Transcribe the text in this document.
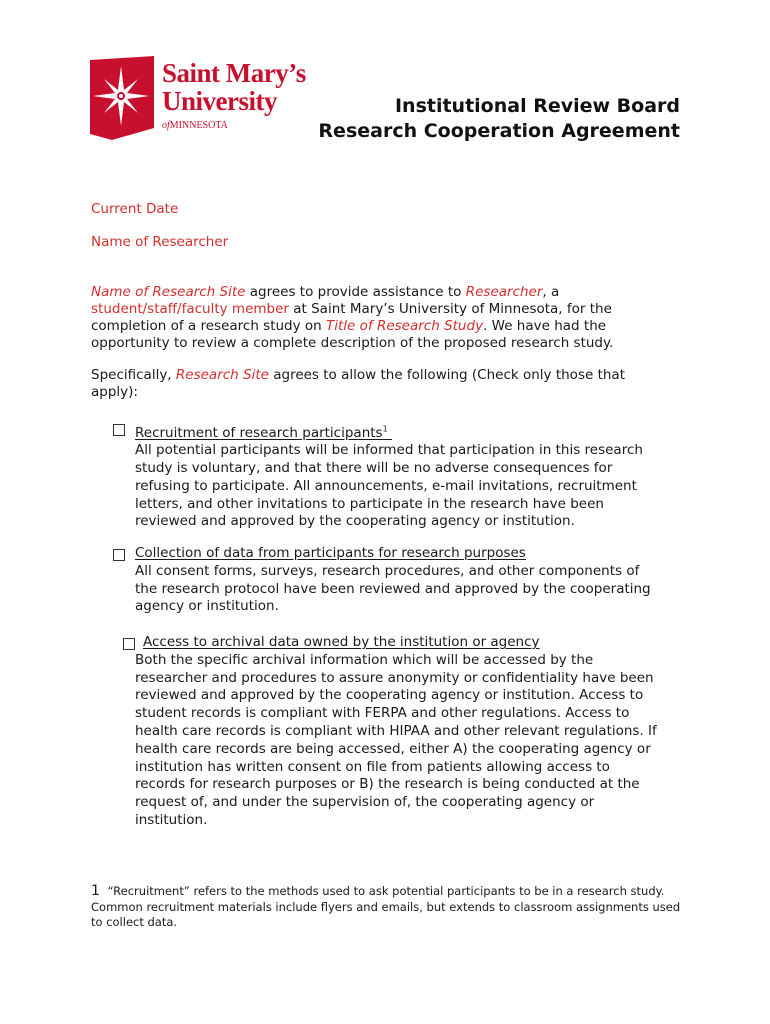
Saint Mary’s
University
ofMINNESOTA
Institutional Review Board
Research Cooperation Agreement
Current Date
Name of Researcher
Name of Research Site agrees to provide assistance to Researcher, a student/staff/faculty member at Saint Mary’s University of Minnesota, for the completion of a research study on Title of Research Study. We have had the opportunity to review a complete description of the proposed research study.
Specifically, Research Site agrees to allow the following (Check only those that apply):
Recruitment of research participants$^1$
All potential participants will be informed that participation in this research study is voluntary, and that there will be no adverse consequences for refusing to participate. All announcements, e-mail invitations, recruitment letters, and other invitations to participate in the research have been reviewed and approved by the cooperating agency or institution.
Collection of data from participants for research purposes
All consent forms, surveys, research procedures, and other components of the research protocol have been reviewed and approved by the cooperating agency or institution.
Access to archival data owned by the institution or agency
Both the specific archival information which will be accessed by the researcher and procedures to assure anonymity or confidentiality have been reviewed and approved by the cooperating agency or institution. Access to student records is compliant with FERPA and other regulations. Access to health care records is compliant with HIPAA and other relevant regulations. If health care records are being accessed, either A) the cooperating agency or institution has written consent on file from patients allowing access to records for research purposes or B) the research is being conducted at the request of, and under the supervision of, the cooperating agency or institution.
1 “Recruitment” refers to the methods used to ask potential participants to be in a research study. Common recruitment materials include flyers and emails, but extends to classroom assignments used to collect data.
